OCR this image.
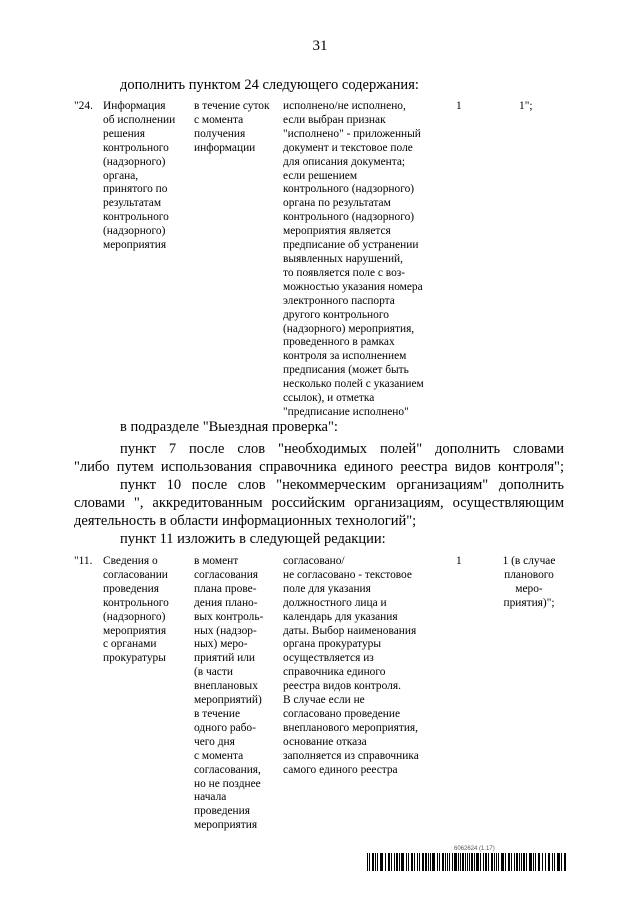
31
дополнить пунктом 24 следующего содержания:
"24. Информация
об исполнении
решения
контрольного
(надзорного)
органа,
принятого по
результатам
контрольного
(надзорного)
мероприятия
в течение суток
с момента
получения
информации
исполнено/не исполнено,
если выбран признак
"исполнено" - приложенный
документ и текстовое поле
для описания документа;
если решением
контрольного (надзорного)
органа по результатам
контрольного (надзорного)
мероприятия является
предписание об устранении
выявленных нарушений,
то появляется поле с воз-
можностью указания номера
электронного паспорта
другого контрольного
(надзорного) мероприятия,
проведенного в рамках
контроля за исполнением
предписания (может быть
несколько полей с указанием
ссылок), и отметка
"предписание исполнено"
1	1";
в подразделе "Выездная проверка":
пункт 7 после слов "необходимых полей" дополнить словами
"либо путем использования справочника единого реестра видов контроля";
пункт 10 после слов "некоммерческим организациям" дополнить
словами ", аккредитованным российским организациям, осуществляющим
деятельность в области информационных технологий";
пункт 11 изложить в следующей редакции:
"11. Сведения о
согласовании
проведения
контрольного
(надзорного)
мероприятия
с органами
прокуратуры
в момент
согласования
плана прове-
дения плано-
вых контроль-
ных (надзор-
ных) меро-
приятий или
(в части
внеплановых
мероприятий)
в течение
одного рабо-
чего дня
с момента
согласования,
но не позднее
начала
проведения
мероприятия
согласовано/
не согласовано - текстовое
поле для указания
должностного лица и
календарь для указания
даты. Выбор наименования
органа прокуратуры
осуществляется из
справочника единого
реестра видов контроля.
В случае если не
согласовано проведение
внепланового мероприятия,
основание отказа
заполняется из справочника
самого единого реестра
1	1 (в случае
планового
меро-
приятия)";
6062624 (1.17)
